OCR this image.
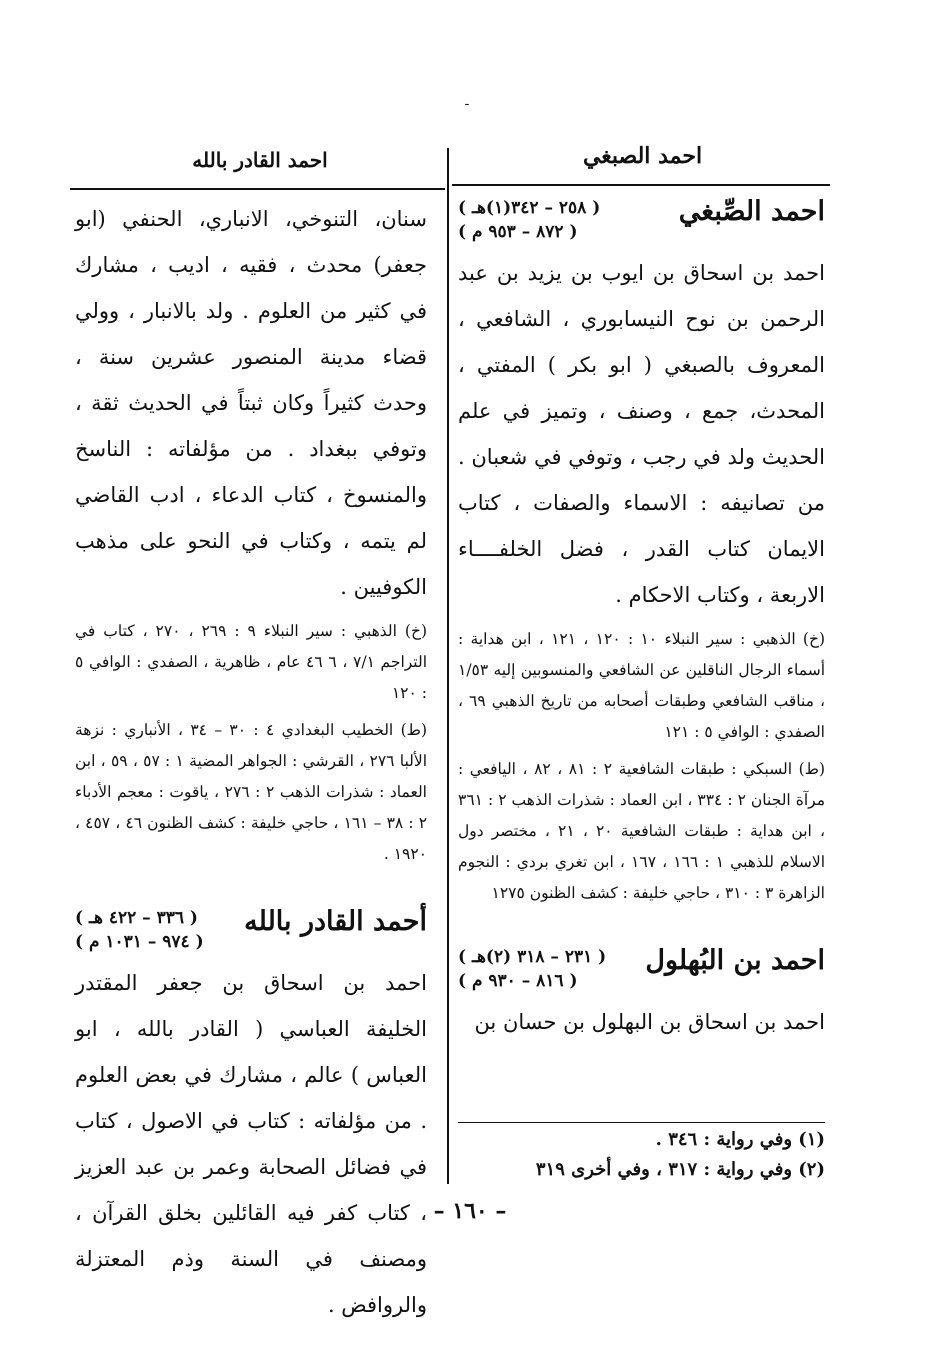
-
احمد الصبغي
احمد القادر بالله
احمد الصِّبغي
( ٢٥٨ – ٣٤٢(١)هـ )
( ٨٧٢ – ٩٥٣ م )

احمد بن اسحاق بن ايوب بن يزيد بن عبد الرحمن بن نوح النيسابوري ، الشافعي ، المعروف بالصبغي ( ابو بكر ) المفتي ، المحدث، جمع ، وصنف ، وتميز في علم الحديث ولد في رجب ، وتوفي في شعبان . من تصانيفه : الاسماء والصفات ، كتاب الايمان كتاب القدر ، فضل الخلفــــاء الاربعة ، وكتاب الاحكام .

(خ) الذهبي : سير النبلاء ١٠ : ١٢٠ ، ١٢١ ، ابن هداية : أسماء الرجال الناقلين عن الشافعي والمنسوبين إليه ١/٥٣ ، مناقب الشافعي وطبقات أصحابه من تاريخ الذهبي ٦٩ ، الصفدي : الوافي ٥ : ١٢١

(ط) السبكي : طبقات الشافعية ٢ : ٨١ ، ٨٢ ، اليافعي : مرآة الجنان ٢ : ٣٣٤ ، ابن العماد : شذرات الذهب ٢ : ٣٦١ ، ابن هداية : طبقات الشافعية ٢٠ ، ٢١ ، مختصر دول الاسلام للذهبي ١ : ١٦٦ ، ١٦٧ ، ابن تغري بردي : النجوم الزاهرة ٣ : ٣١٠ ، حاجي خليفة : كشف الظنون ١٢٧٥

احمد بن البُهلول
( ٢٣١ – ٣١٨ (٢)هـ )
( ٨١٦ – ٩٣٠ م )

احمد بن اسحاق بن البهلول بن حسان بن

(١) وفي رواية : ٣٤٦ .
(٢) وفي رواية : ٣١٧ ، وفي أخرى ٣١٩

سنان، التنوخي، الانباري، الحنفي (ابو جعفر) محدث ، فقيه ، اديب ، مشارك في كثير من العلوم . ولد بالانبار ، وولي قضاء مدينة المنصور عشرين سنة ، وحدث كثيراً وكان ثبتاً في الحديث ثقة ، وتوفي ببغداد . من مؤلفاته : الناسخ والمنسوخ ، كتاب الدعاء ، ادب القاضي لم يتمه ، وكتاب في النحو على مذهب الكوفيين .

(خ) الذهبي : سير النبلاء ٩ : ٢٦٩ ، ٢٧٠ ، كتاب في التراجم ٧/١ ، ٦ ٤٦ عام ، ظاهرية ، الصفدي : الوافي ٥ : ١٢٠

(ط) الخطيب البغدادي ٤ : ٣٠ – ٣٤ ، الأنباري : نزهة الألبا ٢٧٦ ، القرشي : الجواهر المضية ١ : ٥٧ ، ٥٩ ، ابن العماد : شذرات الذهب ٢ : ٢٧٦ ، ياقوت : معجم الأدباء ٢ : ٣٨ – ١٦١ ، حاجي خليفة : كشف الظنون ٤٦ ، ٤٥٧ ، ١٩٢٠ .

أحمد القادر بالله
( ٣٣٦ – ٤٢٢ هـ )
( ٩٧٤ – ١٠٣١ م )

احمد بن اسحاق بن جعفر المقتدر الخليفة العباسي ( القادر بالله ، ابو العباس ) عالم ، مشارك في بعض العلوم . من مؤلفاته : كتاب في الاصول ، كتاب في فضائل الصحابة وعمر بن عبد العزيز ، كتاب كفر فيه القائلين بخلق القرآن ، ومصنف في السنة وذم المعتزلة والروافض .

– ١٦٠ –
